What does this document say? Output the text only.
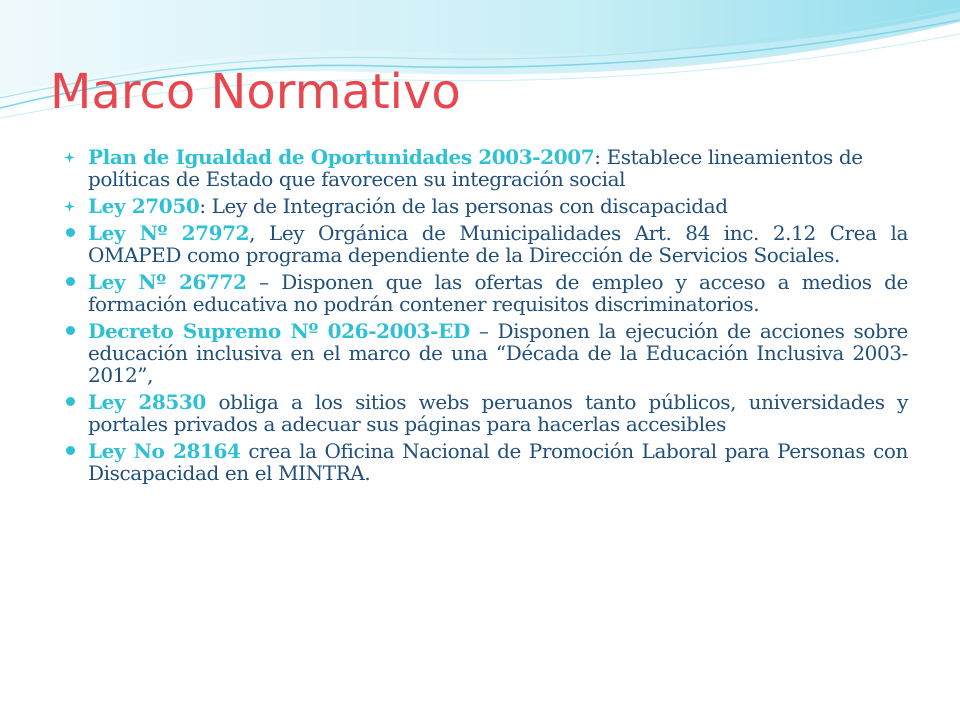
Marco Normativo
Plan de Igualdad de Oportunidades 2003-2007: Establece lineamientos de políticas de Estado que favorecen su integración social
Ley 27050: Ley de Integración de las personas con discapacidad
Ley Nº 27972, Ley Orgánica de Municipalidades Art. 84 inc. 2.12 Crea la OMAPED como programa dependiente de la Dirección de Servicios Sociales.
Ley Nº 26772 – Disponen que las ofertas de empleo y acceso a medios de formación educativa no podrán contener requisitos discriminatorios.
Decreto Supremo Nº 026-2003-ED – Disponen la ejecución de acciones sobre educación inclusiva en el marco de una “Década de la Educación Inclusiva 2003-2012”,
Ley 28530 obliga a los sitios webs peruanos tanto públicos, universidades y portales privados a adecuar sus páginas para hacerlas accesibles
Ley No 28164 crea la Oficina Nacional de Promoción Laboral para Personas con Discapacidad en el MINTRA.
